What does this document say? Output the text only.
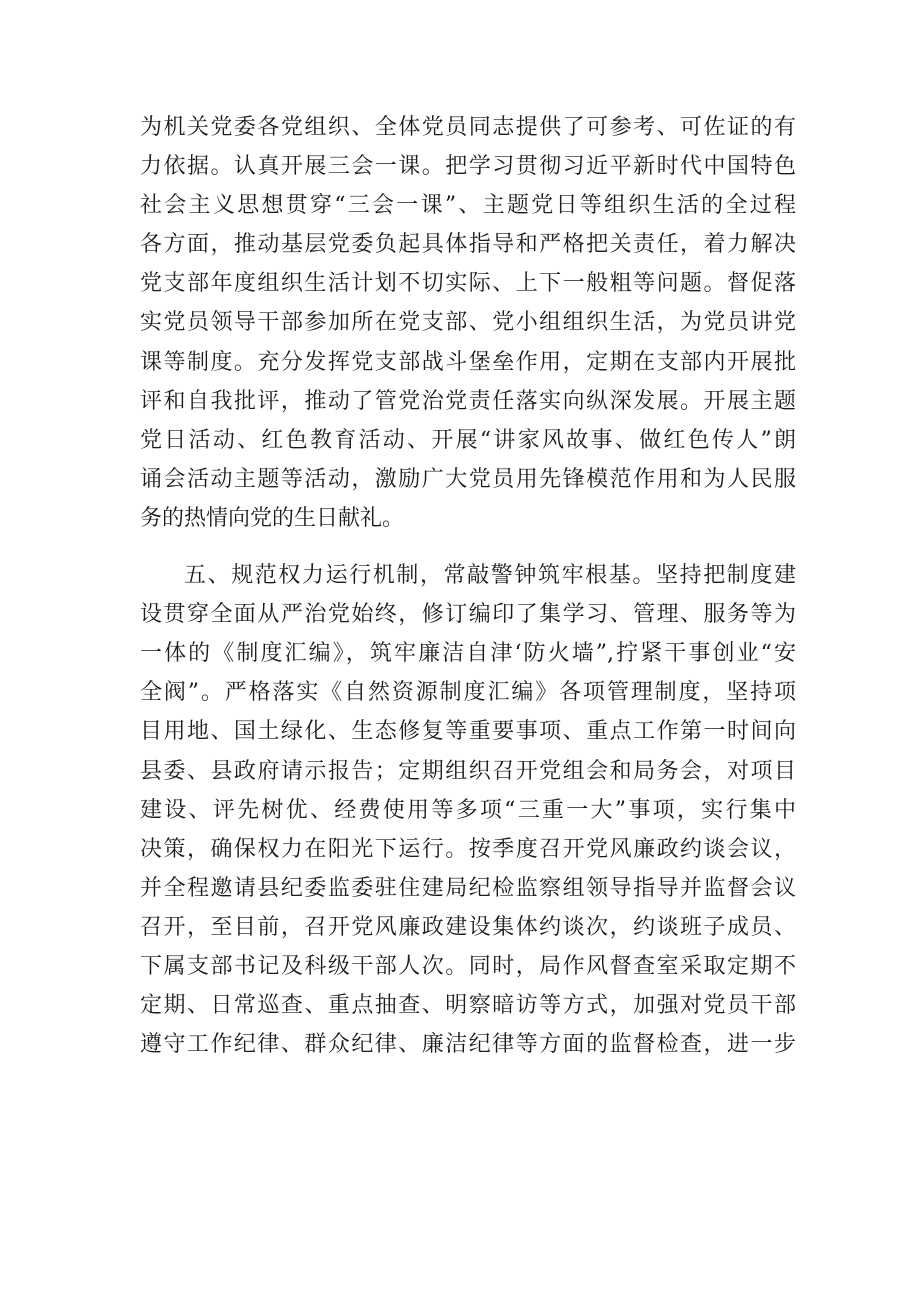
为机关党委各党组织、全体党员同志提供了可参考、可佐证的有
力依据。认真开展三会一课。把学习贯彻习近平新时代中国特色
社会主义思想贯穿“三会一课”、主题党日等组织生活的全过程
各方面，推动基层党委负起具体指导和严格把关责任，着力解决
党支部年度组织生活计划不切实际、上下一般粗等问题。督促落
实党员领导干部参加所在党支部、党小组组织生活，为党员讲党
课等制度。充分发挥党支部战斗堡垒作用，定期在支部内开展批
评和自我批评，推动了管党治党责任落实向纵深发展。开展主题
党日活动、红色教育活动、开展“讲家风故事、做红色传人”朗
诵会活动主题等活动，激励广大党员用先锋模范作用和为人民服
务的热情向党的生日献礼。
五、规范权力运行机制，常敲警钟筑牢根基。坚持把制度建
设贯穿全面从严治党始终，修订编印了集学习、管理、服务等为
一体的《制度汇编》，筑牢廉洁自津‘防火墙”,拧紧干事创业“安
全阀”。严格落实《自然资源制度汇编》各项管理制度，坚持项
目用地、国土绿化、生态修复等重要事项、重点工作第一时间向
县委、县政府请示报告；定期组织召开党组会和局务会，对项目
建设、评先树优、经费使用等多项“三重一大”事项，实行集中
决策，确保权力在阳光下运行。按季度召开党风廉政约谈会议，
并全程邀请县纪委监委驻住建局纪检监察组领导指导并监督会议
召开，至目前，召开党风廉政建设集体约谈次，约谈班子成员、
下属支部书记及科级干部人次。同时，局作风督查室采取定期不
定期、日常巡查、重点抽查、明察暗访等方式，加强对党员干部
遵守工作纪律、群众纪律、廉洁纪律等方面的监督检查，进一步
